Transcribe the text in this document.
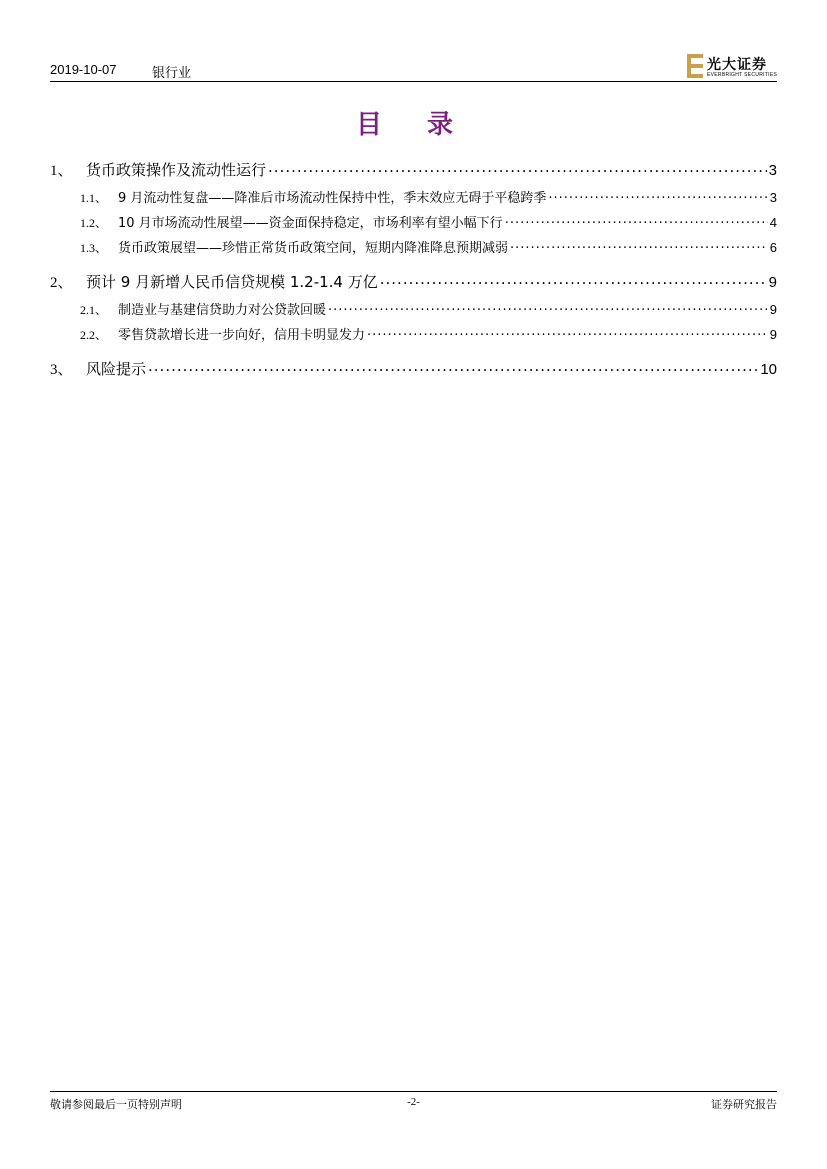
2019-10-07	银行业
光大证券
EVERBRIGHT SECURITIES
目 录
1、 货币政策操作及流动性运行 .....	3
1.1、 9 月流动性复盘——降准后市场流动性保持中性，季末效应无碍于平稳跨季 .....	3
1.2、 10 月市场流动性展望——资金面保持稳定，市场利率有望小幅下行 .....	4
1.3、 货币政策展望——珍惜正常货币政策空间，短期内降准降息预期减弱 .....	6
2、 预计 9 月新增人民币信贷规模 1.2-1.4 万亿 .....	9
2.1、 制造业与基建信贷助力对公贷款回暖 .....	9
2.2、 零售贷款增长进一步向好，信用卡明显发力 .....	9
3、 风险提示 .....	10
敬请参阅最后一页特别声明	-2-	证券研究报告
